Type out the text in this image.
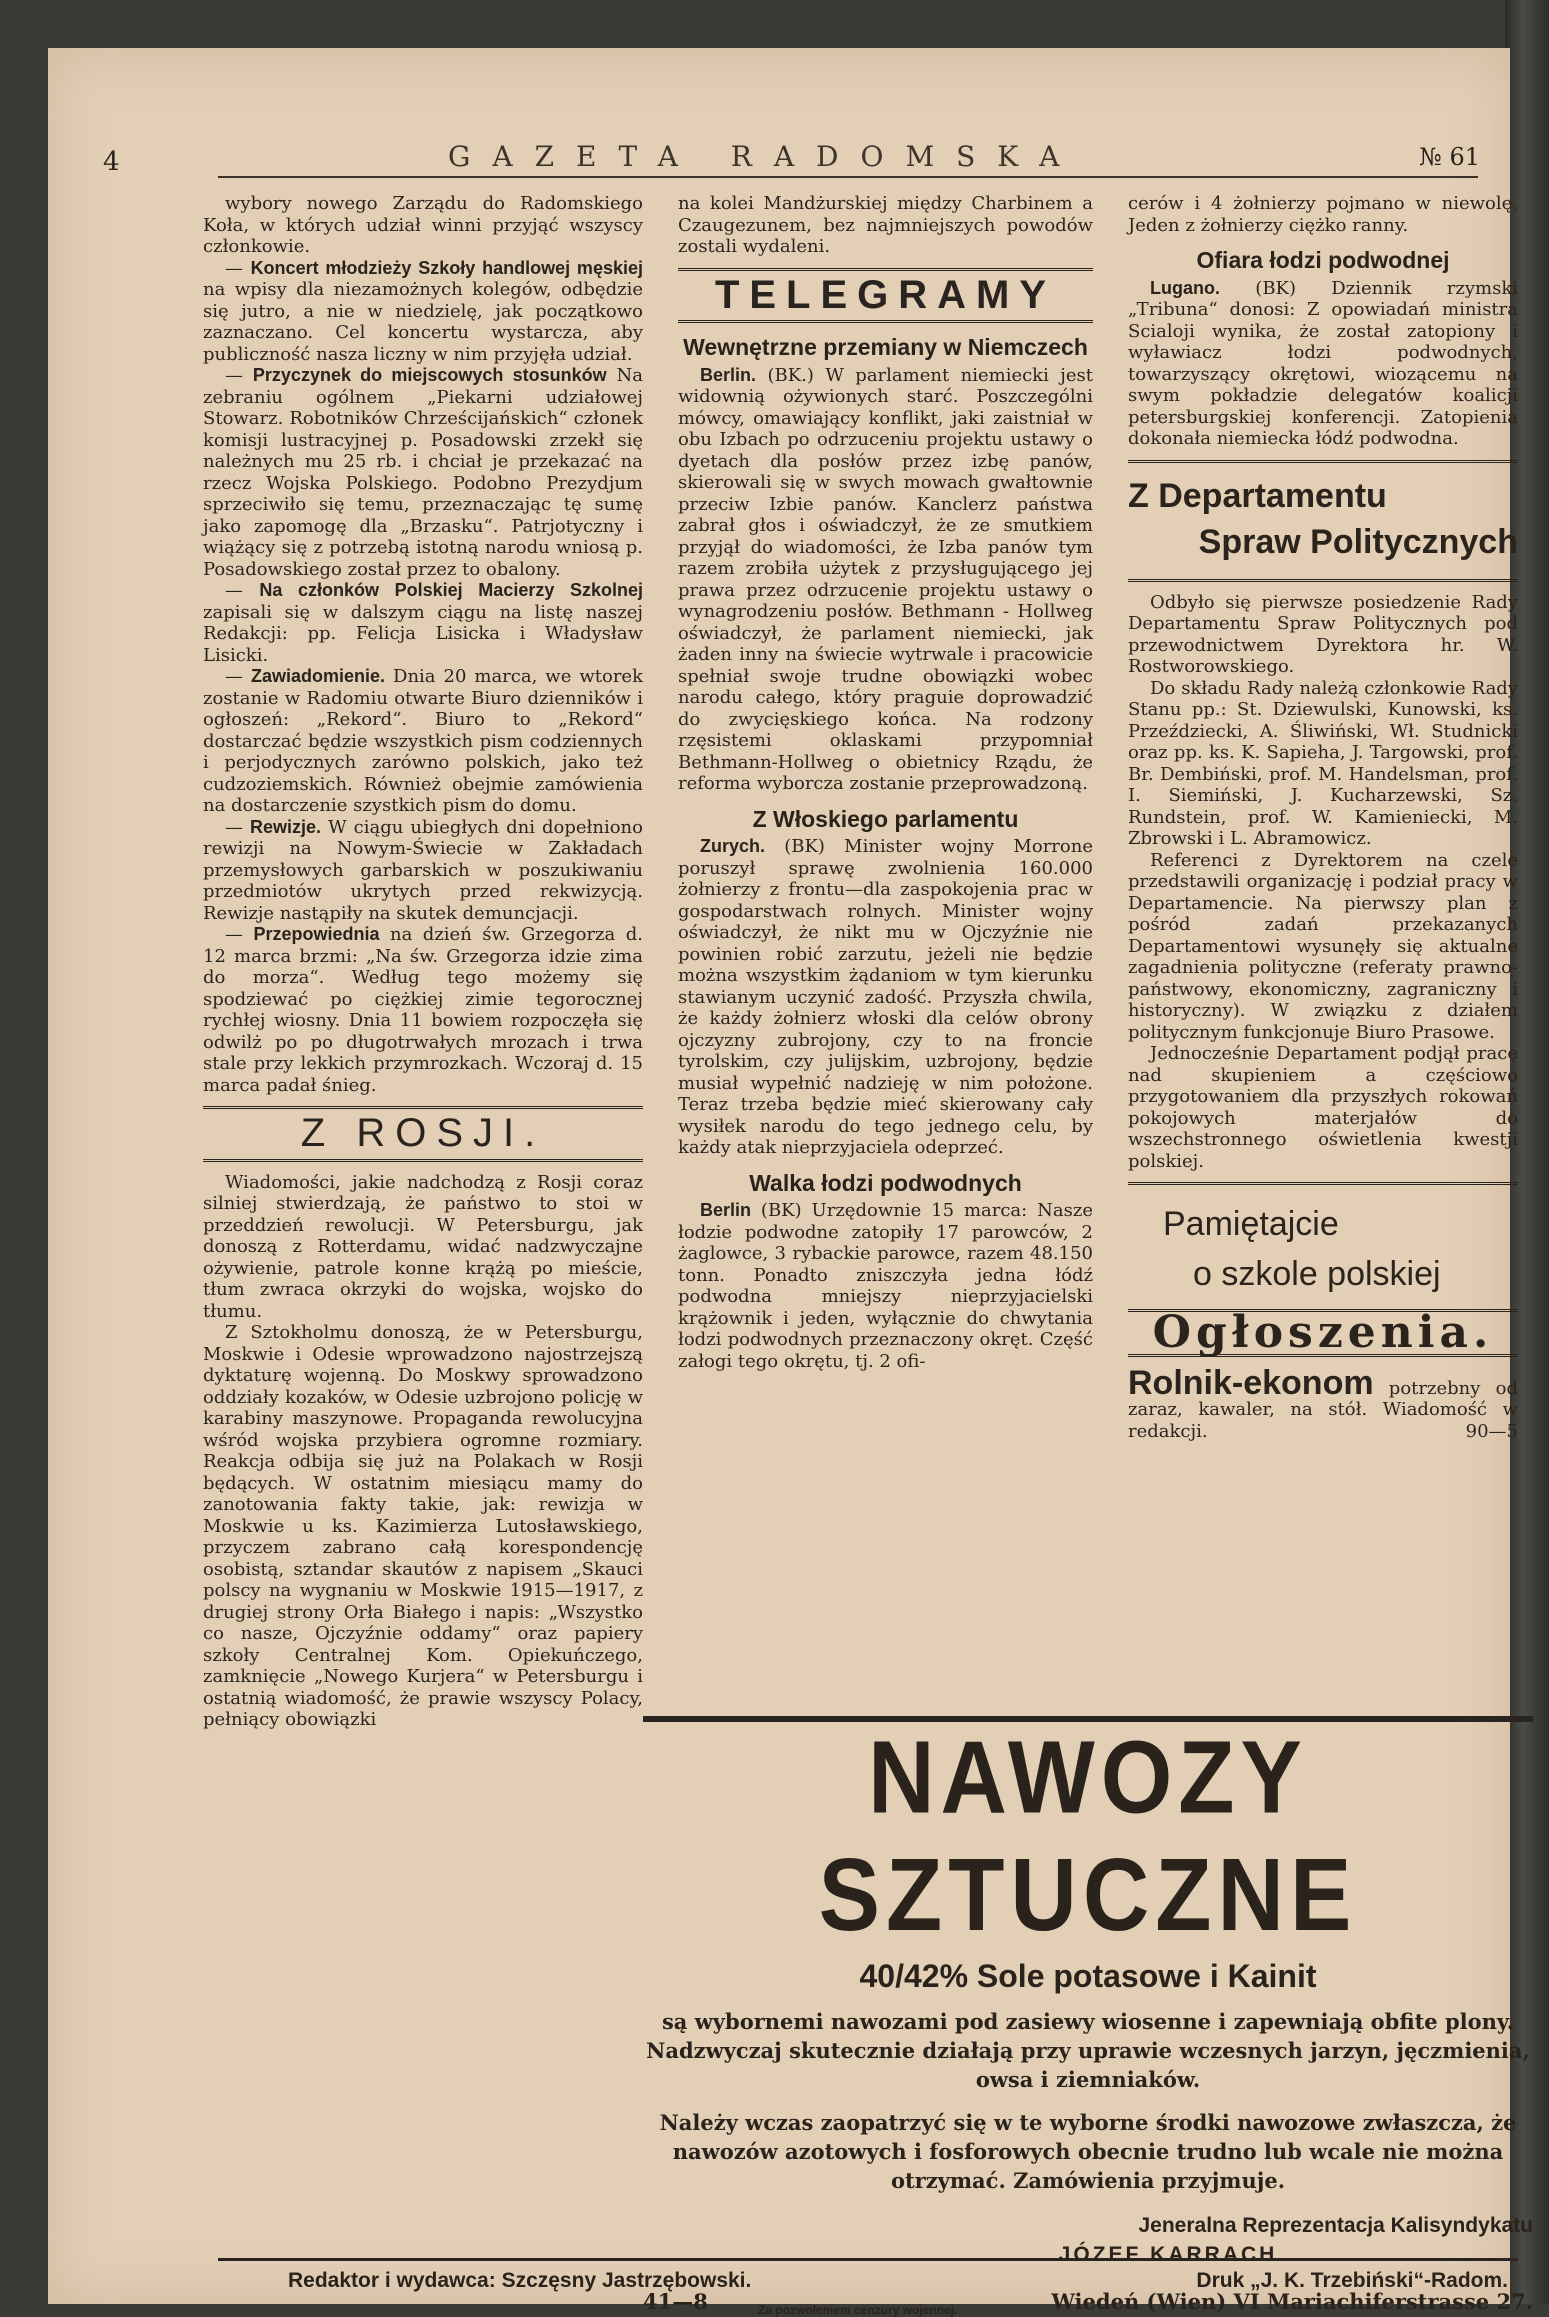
4	GAZETA RADOMSKA	№ 61

wybory nowego Zarządu do Radomskiego Koła, w których udział winni przyjąć wszyscy członkowie.

— Koncert młodzieży Szkoły handlowej męskiej na wpisy dla niezamożnych kolegów, odbędzie się jutro, a nie w niedzielę, jak początkowo zaznaczano. Cel koncertu wystarcza, aby publiczność nasza liczny w nim przyjęła udział.

— Przyczynek do miejscowych stosunków Na zebraniu ogólnem „Piekarni udziałowej Stowarz. Robotników Chrześcijańskich“ członek komisji lustracyjnej p. Posadowski zrzekł się należnych mu 25 rb. i chciał je przekazać na rzecz Wojska Polskiego. Podobno Prezydjum sprzeciwiło się temu, przeznaczając tę sumę jako zapomogę dla „Brzasku“. Patrjotyczny i wiążący się z potrzebą istotną narodu wniosą p. Posadowskiego został przez to obalony.

— Na członków Polskiej Macierzy Szkolnej zapisali się w dalszym ciągu na listę naszej Redakcji: pp. Felicja Lisicka i Władysław Lisicki.

— Zawiadomienie. Dnia 20 marca, we wtorek zostanie w Radomiu otwarte Biuro dzienników i ogłoszeń: „Rekord“. Biuro to „Rekord“ dostarczać będzie wszystkich pism codziennych i perjodycznych zarówno polskich, jako też cudzoziemskich. Również obejmie zamówienia na dostarczenie szystkich pism do domu.

— Rewizje. W ciągu ubiegłych dni dopełniono rewizji na Nowym-Świecie w Zakładach przemysłowych garbarskich w poszukiwaniu przedmiotów ukrytych przed rekwizycją. Rewizje nastąpiły na skutek demuncjacji.

— Przepowiednia na dzień św. Grzegorza d. 12 marca brzmi: „Na św. Grzegorza idzie zima do morza“. Według tego możemy się spodziewać po ciężkiej zimie tegorocznej rychłej wiosny. Dnia 11 bowiem rozpoczęła się odwilż po po długotrwałych mrozach i trwa stale przy lekkich przymrozkach. Wczoraj d. 15 marca padał śnieg.

Z ROSJI.

Wiadomości, jakie nadchodzą z Rosji coraz silniej stwierdzają, że państwo to stoi w przeddzień rewolucji. W Petersburgu, jak donoszą z Rotterdamu, widać nadzwyczajne ożywienie, patrole konne krążą po mieście, tłum zwraca okrzyki do wojska, wojsko do tłumu.

Z Sztokholmu donoszą, że w Petersburgu, Moskwie i Odesie wprowadzono najostrzejszą dyktaturę wojenną. Do Moskwy sprowadzono oddziały kozaków, w Odesie uzbrojono policję w karabiny maszynowe. Propaganda rewolucyjna wśród wojska przybiera ogromne rozmiary. Reakcja odbija się już na Polakach w Rosji będących. W ostatnim miesiącu mamy do zanotowania fakty takie, jak: rewizja w Moskwie u ks. Kazimierza Lutosławskiego, przyczem zabrano całą korespondencję osobistą, sztandar skautów z napisem „Skauci polscy na wygnaniu w Moskwie 1915—1917, z drugiej strony Orła Białego i napis: „Wszystko co nasze, Ojczyźnie oddamy“ oraz papiery szkoły Centralnej Kom. Opiekuńczego, zamknięcie „Nowego Kurjera“ w Petersburgu i ostatnią wiadomość, że prawie wszyscy Polacy, pełniący obowiązki

na kolei Mandżurskiej między Charbinem a Czaugezunem, bez najmniejszych powodów zostali wydaleni.

TELEGRAMY
Wewnętrzne przemiany w Niemczech

Berlin. (BK.) W parlament niemiecki jest widownią ożywionych starć. Poszczególni mówcy, omawiający konflikt, jaki zaistniał w obu Izbach po odrzuceniu projektu ustawy o dyetach dla posłów przez izbę panów, skierowali się w swych mowach gwałtownie przeciw Izbie panów. Kanclerz państwa zabrał głos i oświadczył, że ze smutkiem przyjął do wiadomości, że Izba panów tym razem zrobiła użytek z przysługującego jej prawa przez odrzucenie projektu ustawy o wynagrodzeniu posłów. Bethmann - Hollweg oświadczył, że parlament niemiecki, jak żaden inny na świecie wytrwale i pracowicie spełniał swoje trudne obowiązki wobec narodu całego, który praguie doprowadzić do zwycięskiego końca. Na rodzony rzęsistemi oklaskami przypomniał Bethmann-Hollweg o obietnicy Rządu, że reforma wyborcza zostanie przeprowadzoną.

Z Włoskiego parlamentu

Zurych. (BK) Minister wojny Morrone poruszył sprawę zwolnienia 160.000 żołnierzy z frontu—dla zaspokojenia prac w gospodarstwach rolnych. Minister wojny oświadczył, że nikt mu w Ojczyźnie nie powinien robić zarzutu, jeżeli nie będzie można wszystkim żądaniom w tym kierunku stawianym uczynić zadość. Przyszła chwila, że każdy żołnierz włoski dla celów obrony ojczyzny zubrojony, czy to na froncie tyrolskim, czy julijskim, uzbrojony, będzie musiał wypełnić nadzieję w nim położone. Teraz trzeba będzie mieć skierowany cały wysiłek narodu do tego jednego celu, by każdy atak nieprzyjaciela odeprzeć.

Walka łodzi podwodnych

Berlin (BK) Urzędownie 15 marca: Nasze łodzie podwodne zatopiły 17 parowców, 2 żaglowce, 3 rybackie parowce, razem 48.150 tonn. Ponadto zniszczyła jedna łódź podwodna mniejszy nieprzyjacielski krążownik i jeden, wyłącznie do chwytania łodzi podwodnych przeznaczony okręt. Część załogi tego okrętu, tj. 2 ofi-

cerów i 4 żołnierzy pojmano w niewolę. Jeden z żołnierzy ciężko ranny.

Ofiara łodzi podwodnej

Lugano. (BK) Dziennik rzymski „Tribuna“ donosi: Z opowiadań ministra Scialoji wynika, że został zatopiony i wyławiacz łodzi podwodnych, towarzyszący okrętowi, wiozącemu na swym pokładzie delegatów koalicji petersburgskiej konferencji. Zatopienia dokonała niemiecka łódź podwodna.

Z Departamentu
Spraw Politycznych

Odbyło się pierwsze posiedzenie Rady Departamentu Spraw Politycznych pod przewodnictwem Dyrektora hr. W. Rostworowskiego.

Do składu Rady należą członkowie Rady Stanu pp.: St. Dziewulski, Kunowski, ks. Przeździecki, A. Śliwiński, Wł. Studnicki oraz pp. ks. K. Sapieha, J. Targowski, prof. Br. Dembiński, prof. M. Handelsman, prof. I. Siemiński, J. Kucharzewski, Sz. Rundstein, prof. W. Kamieniecki, M. Zbrowski i L. Abramowicz.

Referenci z Dyrektorem na czele przedstawili organizację i podział pracy w Departamencie. Na pierwszy plan z pośród zadań przekazanych Departamentowi wysunęły się aktualne zagadnienia polityczne (referaty prawno-państwowy, ekonomiczny, zagraniczny i historyczny). W związku z działem politycznym funkcjonuje Biuro Prasowe.

Jednocześnie Departament podjął pracę nad skupieniem a częściowo przygotowaniem dla przyszłych rokowań pokojowych materjałów do wszechstronnego oświetlenia kwestji polskiej.

Pamiętajcie
o szkole polskiej
Ogłoszenia.
Rolnik-ekonom potrzebny od zaraz, kawaler, na stół. Wiadomość w redakcji.	90—5
NAWOZY SZTUCZNE
40/42% Sole potasowe i Kainit

są wybornemi nawozami pod zasiewy wiosenne i zapewniają obfite plony. Nadzwyczaj skutecznie działają przy uprawie wczesnych jarzyn, jęczmienia, owsa i ziemniaków.

Należy wczas zaopatrzyć się w te wyborne środki nawozowe zwłaszcza, że nawozów azotowych i fosforowych obecnie trudno lub wcale nie można otrzymać. Zamówienia przyjmuje.

Jeneralna Reprezentacja Kalisyndykatu

JÓZEF KARRACH

41—8	Wiedeń (Wien) VI Mariachiferstrasse 27.
Redaktor i wydawca: Szczęsny Jastrzębowski.	Druk „J. K. Trzebiński“-Radom.
Za pozwoleniem cenzury wojennej.
